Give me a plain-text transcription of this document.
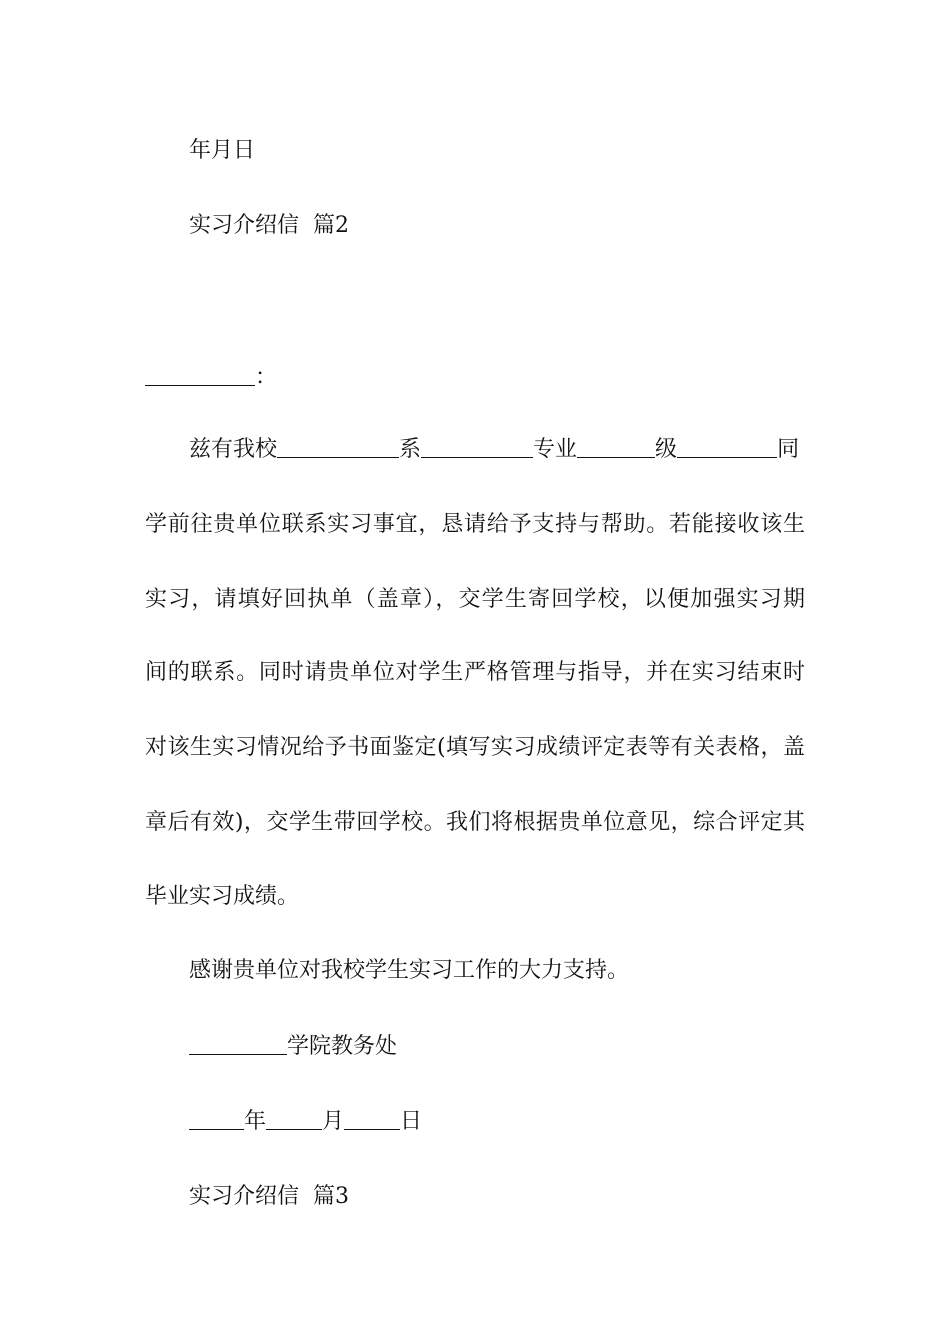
年月日
实习介绍信  篇2
：
兹有我校	系	专业	级	同
学前往贵单位联系实习事宜，恳请给予支持与帮助。若能接收该生
实习，请填好回执单（盖章），交学生寄回学校，以便加强实习期
间的联系。同时请贵单位对学生严格管理与指导，并在实习结束时
对该生实习情况给予书面鉴定(填写实习成绩评定表等有关表格，盖
章后有效)，交学生带回学校。我们将根据贵单位意见，综合评定其
毕业实习成绩。
感谢贵单位对我校学生实习工作的大力支持。
学院教务处
年	月	日
实习介绍信  篇3
